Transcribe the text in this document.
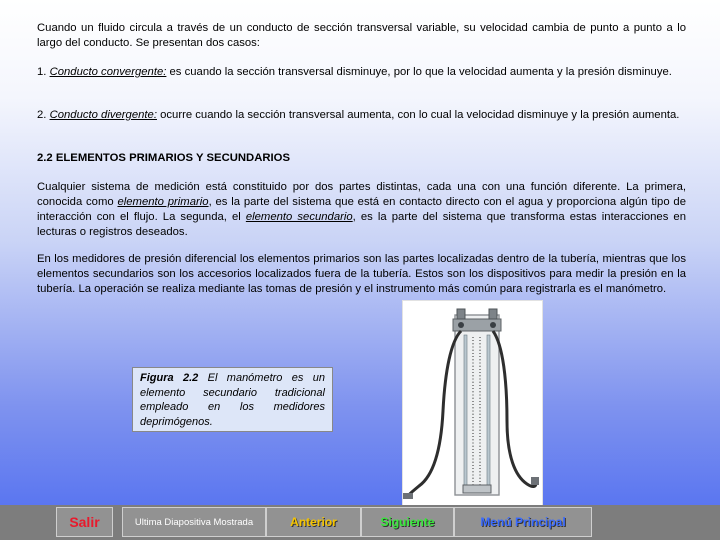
Cuando un fluido circula a través de un conducto de sección transversal variable, su velocidad cambia de punto a punto a lo largo del conducto. Se presentan dos casos:
1. Conducto convergente: es cuando la sección transversal disminuye, por lo que la velocidad aumenta y la presión disminuye.
2. Conducto divergente: ocurre cuando la sección transversal aumenta, con lo cual la velocidad disminuye y la presión aumenta.
2.2 ELEMENTOS PRIMARIOS Y SECUNDARIOS
Cualquier sistema de medición está constituido por dos partes distintas, cada una con una función diferente. La primera, conocida como elemento primario, es la parte del sistema que está en contacto directo con el agua y proporciona algún tipo de interacción con el flujo. La segunda, el elemento secundario, es la parte del sistema que transforma estas interacciones en lecturas o registros deseados.
En los medidores de presión diferencial los elementos primarios son las partes localizadas dentro de la tubería, mientras que los elementos secundarios son los accesorios localizados fuera de la tubería. Estos son los dispositivos para medir la presión en la tubería. La operación se realiza mediante las tomas de presión y el instrumento más común para registrarla es el manómetro.
Figura 2.2 El manómetro es un elemento secundario tradicional empleado en los medidores deprimógenos.
Salir	Ultima Diapositiva Mostrada	Anterior	Siguiente	Menú Principal
